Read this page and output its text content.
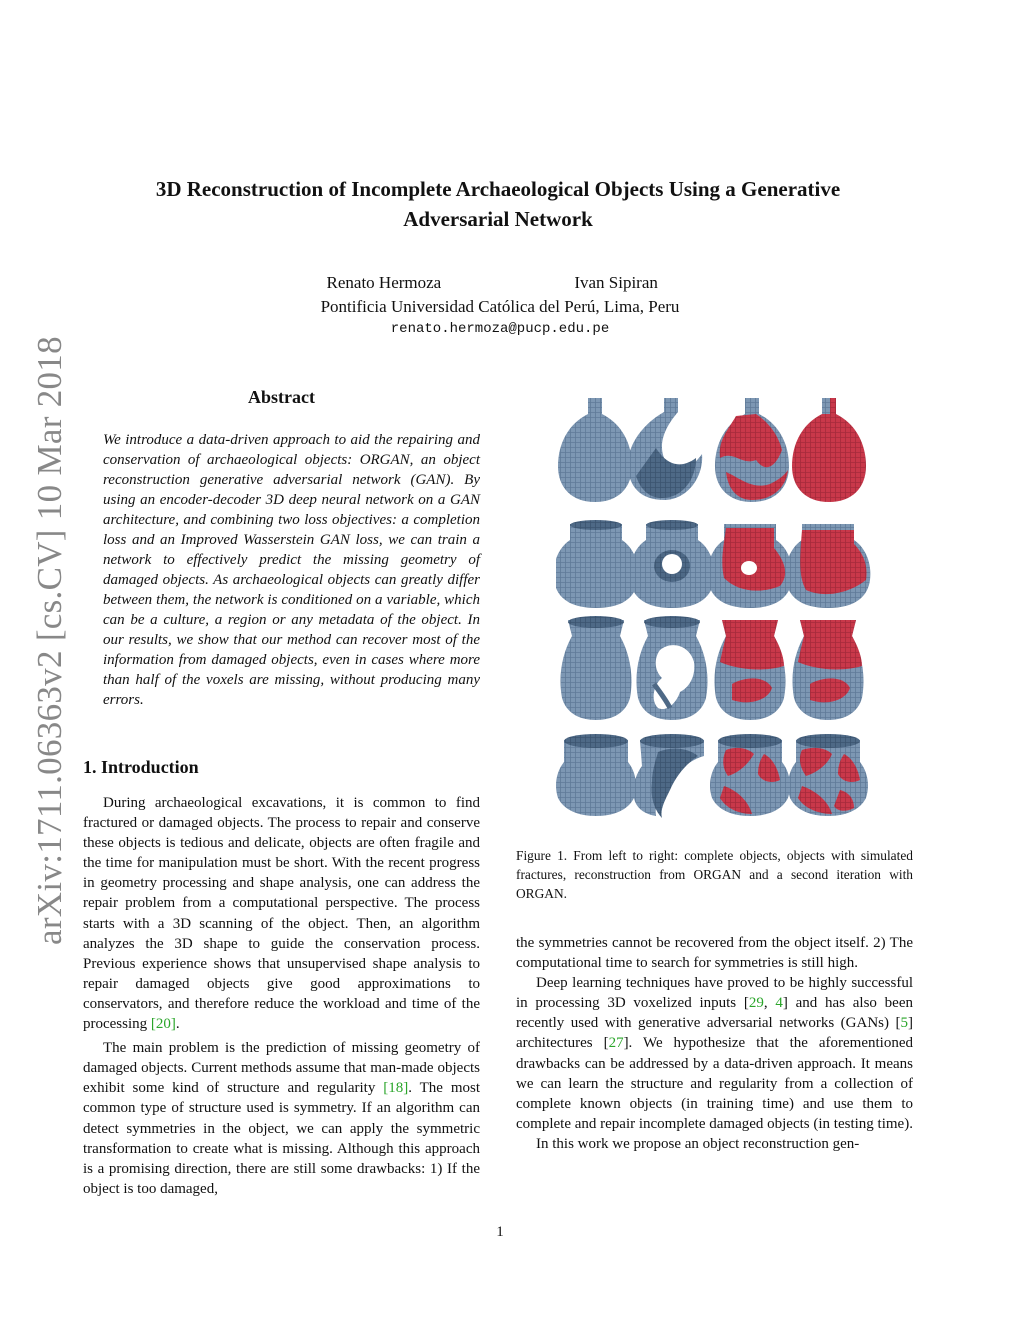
3D Reconstruction of Incomplete Archaeological Objects Using a Generative
Adversarial Network
Renato Hermoza	Ivan Sipiran
Pontificia Universidad Católica del Perú, Lima, Peru
renato.hermoza@pucp.edu.pe
arXiv:1711.06363v2 [cs.CV] 10 Mar 2018	Abstract

We introduce a data-driven approach to aid the repairing and conservation of archaeological objects: ORGAN, an object reconstruction generative adversarial network (GAN). By using an encoder-decoder 3D deep neural network on a GAN architecture, and combining two loss objectives: a completion loss and an Improved Wasserstein GAN loss, we can train a network to effectively predict the missing geometry of damaged objects. As archaeological objects can greatly differ between them, the network is conditioned on a variable, which can be a culture, a region or any metadata of the object. In our results, we show that our method can recover most of the information from damaged objects, even in cases where more than half of the voxels are missing, without producing many errors.

1. Introduction

During archaeological excavations, it is common to find fractured or damaged objects. The process to repair and conserve these objects is tedious and delicate, objects are often fragile and the time for manipulation must be short. With the recent progress in geometry processing and shape analysis, one can address the repair problem from a computational perspective. The process starts with a 3D scanning of the object. Then, an algorithm analyzes the 3D shape to guide the conservation process. Previous experience shows that unsupervised shape analysis to repair damaged objects give good approximations to conservators, and therefore reduce the workload and time of the processing [20].

The main problem is the prediction of missing geometry of damaged objects. Current methods assume that man-made objects exhibit some kind of structure and regularity [18]. The most common type of structure used is symmetry. If an algorithm can detect symmetries in the object, we can apply the symmetric transformation to create what is missing. Although this approach is a promising direction, there are still some drawbacks: 1) If the object is too damaged,

Figure 1. From left to right: complete objects, objects with simulated fractures, reconstruction from ORGAN and a second iteration with ORGAN.

the symmetries cannot be recovered from the object itself. 2) The computational time to search for symmetries is still high.

Deep learning techniques have proved to be highly successful in processing 3D voxelized inputs [29, 4] and has also been recently used with generative adversarial networks (GANs) [5] architectures [27]. We hypothesize that the aforementioned drawbacks can be addressed by a data-driven approach. It means we can learn the structure and regularity from a collection of complete known objects (in training time) and use them to complete and repair incomplete damaged objects (in testing time).

In this work we propose an object reconstruction gen-

1
